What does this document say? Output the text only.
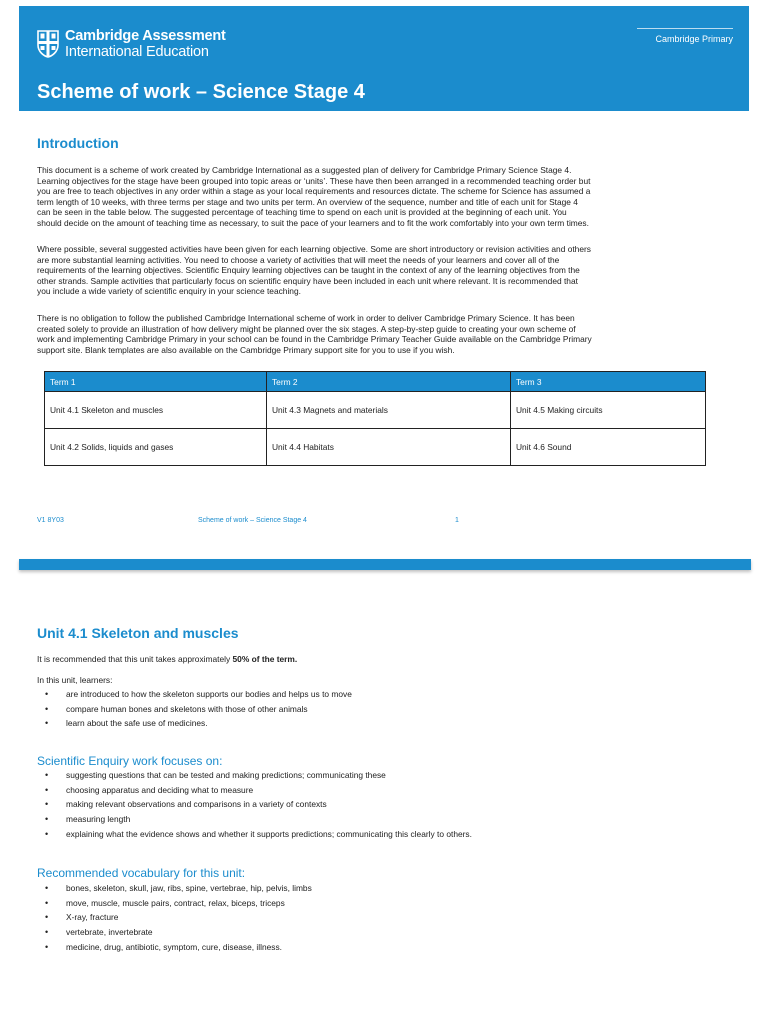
Cambridge Assessment
International Education
Cambridge Primary
Scheme of work – Science Stage 4
Introduction
This document is a scheme of work created by Cambridge International as a suggested plan of delivery for Cambridge Primary Science Stage 4.
Learning objectives for the stage have been grouped into topic areas or ‘units’. These have then been arranged in a recommended teaching order but
you are free to teach objectives in any order within a stage as your local requirements and resources dictate. The scheme for Science has assumed a
term length of 10 weeks, with three terms per stage and two units per term. An overview of the sequence, number and title of each unit for Stage 4
can be seen in the table below. The suggested percentage of teaching time to spend on each unit is provided at the beginning of each unit. You
should decide on the amount of teaching time as necessary, to suit the pace of your learners and to fit the work comfortably into your own term times.
Where possible, several suggested activities have been given for each learning objective. Some are short introductory or revision activities and others
are more substantial learning activities. You need to choose a variety of activities that will meet the needs of your learners and cover all of the
requirements of the learning objectives. Scientific Enquiry learning objectives can be taught in the context of any of the learning objectives from the
other strands. Sample activities that particularly focus on scientific enquiry have been included in each unit where relevant. It is recommended that
you include a wide variety of scientific enquiry in your science teaching.
There is no obligation to follow the published Cambridge International scheme of work in order to deliver Cambridge Primary Science. It has been
created solely to provide an illustration of how delivery might be planned over the six stages. A step-by-step guide to creating your own scheme of
work and implementing Cambridge Primary in your school can be found in the Cambridge Primary Teacher Guide available on the Cambridge Primary
support site. Blank templates are also available on the Cambridge Primary support site for you to use if you wish.
Term 1	Term 2	Term 3
Unit 4.1 Skeleton and muscles	Unit 4.3 Magnets and materials	Unit 4.5 Making circuits
Unit 4.2 Solids, liquids and gases	Unit 4.4 Habitats	Unit 4.6 Sound
V1 8Y03	Scheme of work – Science Stage 4	1
Unit 4.1 Skeleton and muscles
It is recommended that this unit takes approximately 50% of the term.
In this unit, learners:
• are introduced to how the skeleton supports our bodies and helps us to move
• compare human bones and skeletons with those of other animals
• learn about the safe use of medicines.
Scientific Enquiry work focuses on:
• suggesting questions that can be tested and making predictions; communicating these
• choosing apparatus and deciding what to measure
• making relevant observations and comparisons in a variety of contexts
• measuring length
• explaining what the evidence shows and whether it supports predictions; communicating this clearly to others.
Recommended vocabulary for this unit:
• bones, skeleton, skull, jaw, ribs, spine, vertebrae, hip, pelvis, limbs
• move, muscle, muscle pairs, contract, relax, biceps, triceps
• X-ray, fracture
• vertebrate, invertebrate
• medicine, drug, antibiotic, symptom, cure, disease, illness.
